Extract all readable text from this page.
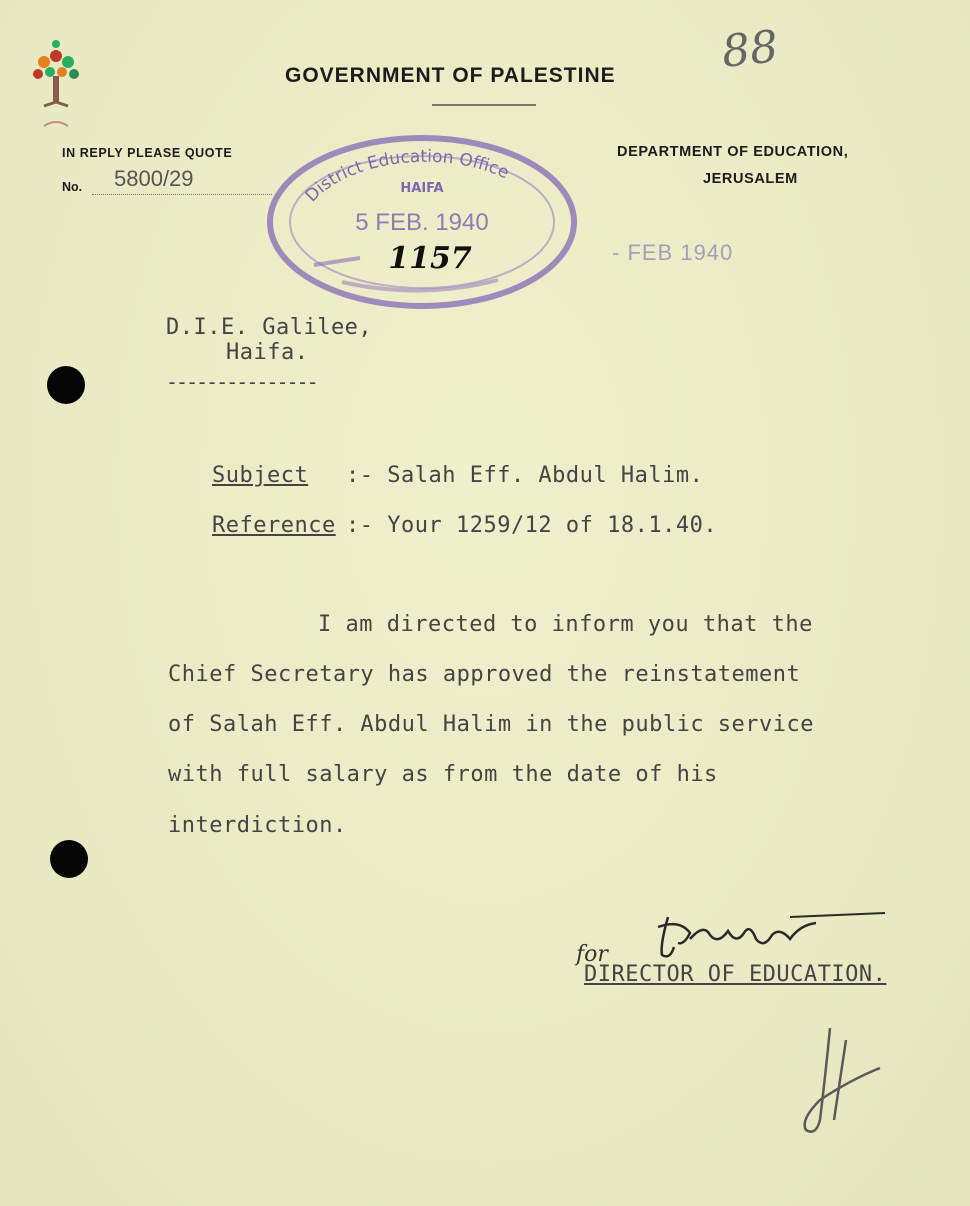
88
GOVERNMENT OF PALESTINE
IN REPLY PLEASE QUOTE
No. 5800/29
DEPARTMENT OF EDUCATION,
JERUSALEM
District Education Office
HAIFA
5 FEB. 1940
1157	- FEB 1940
D.I.E. Galilee,
Haifa.
---------------
Subject :- Salah Eff. Abdul Halim.
Reference :- Your 1259/12 of 18.1.40.
I am directed to inform you that the
Chief Secretary has approved the reinstatement
of Salah Eff. Abdul Halim in the public service
with full salary as from the date of his
interdiction.
for
DIRECTOR OF EDUCATION.
